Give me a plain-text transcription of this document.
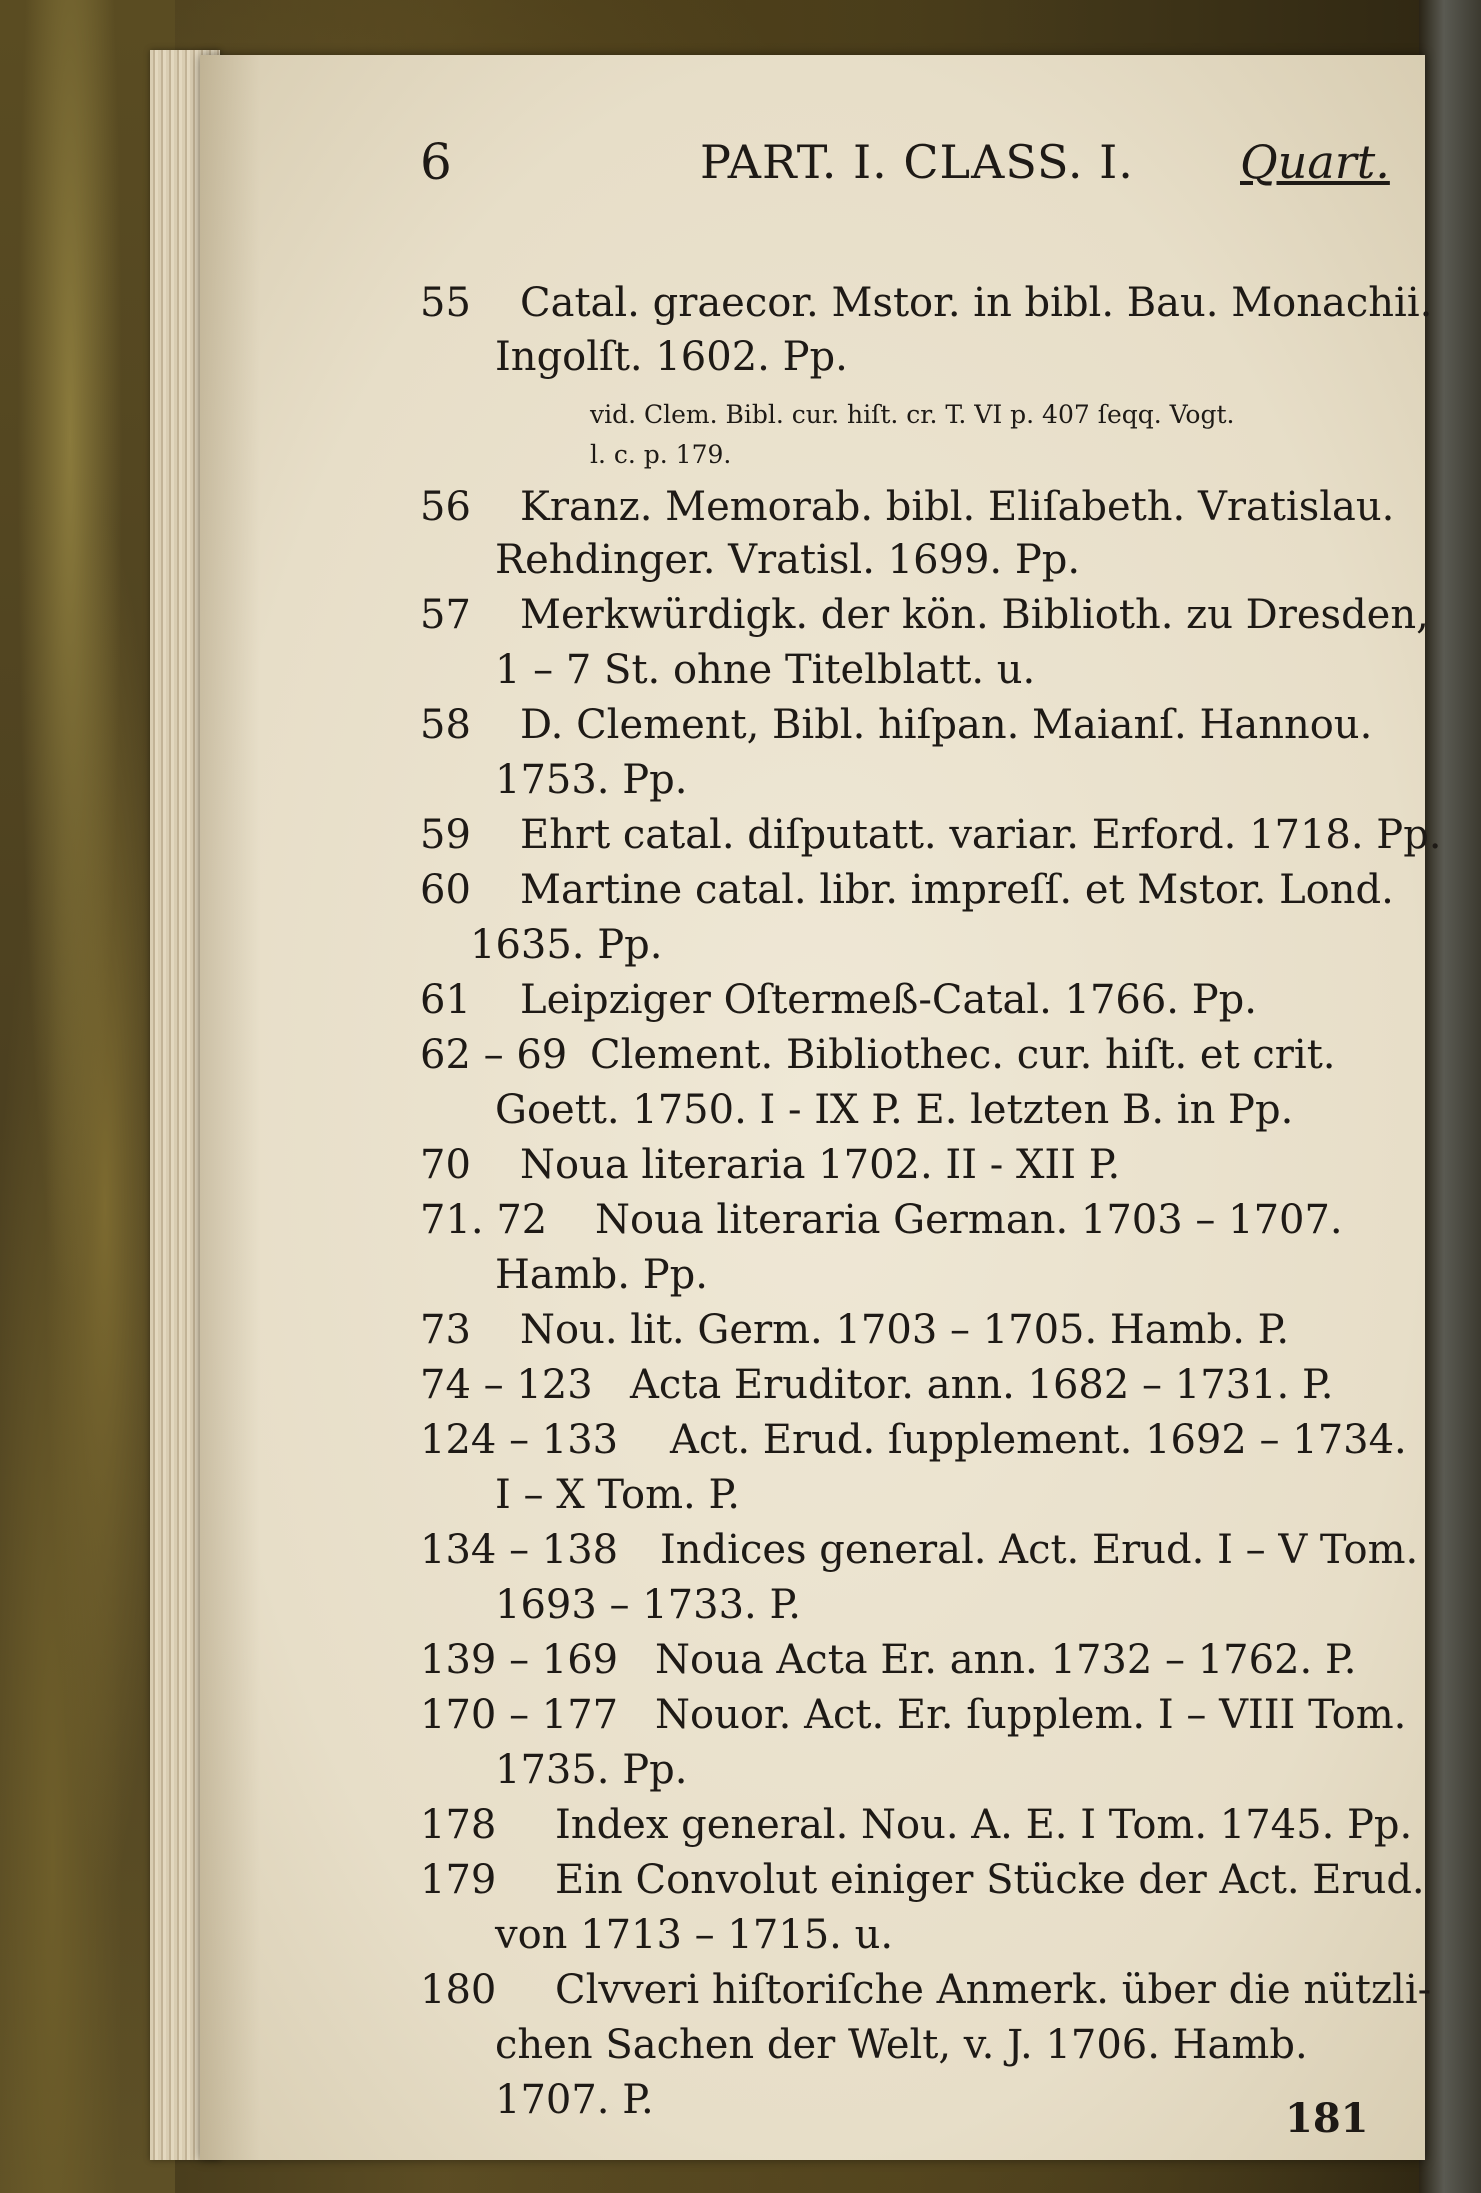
6	PART. I. CLASS. I. Quart.
55 Catal. graecor. Mstor. in bibl. Bau. Monachii.
Ingolſt. 1602. Pp.
vid. Clem. Bibl. cur. hiſt. cr. T. VI p. 407 ſeqq. Vogt.
l. c. p. 179.
56 Kranz. Memorab. bibl. Eliſabeth. Vratislau.
Rehdinger. Vratisl. 1699. Pp.
57 Merkwürdigk. der kön. Biblioth. zu Dresden,
1 – 7 St. ohne Titelblatt. u.
58 D. Clement, Bibl. hiſpan. Maianſ. Hannou.
1753. Pp.
59 Ehrt catal. diſputatt. variar. Erford. 1718. Pp.
60 Martine catal. libr. impreſſ. et Mstor. Lond.
1635. Pp.
61 Leipziger Oſtermeß-Catal. 1766. Pp.
62 – 69 Clement. Bibliothec. cur. hiſt. et crit.
Goett. 1750. I - IX P. E. letzten B. in Pp.
70 Noua literaria 1702. II - XII P.
71. 72 Noua literaria German. 1703 – 1707.
Hamb. Pp.
73 Nou. lit. Germ. 1703 – 1705. Hamb. P.
74 – 123 Acta Eruditor. ann. 1682 – 1731. P.
124 – 133 Act. Erud. ſupplement. 1692 – 1734.
I – X Tom. P.
134 – 138 Indices general. Act. Erud. I – V Tom.
1693 – 1733. P.
139 – 169 Noua Acta Er. ann. 1732 – 1762. P.
170 – 177 Nouor. Act. Er. ſupplem. I – VIII Tom.
1735. Pp.
178 Index general. Nou. A. E. I Tom. 1745. Pp.
179 Ein Convolut einiger Stücke der Act. Erud.
von 1713 – 1715. u.
180 Clvveri hiſtoriſche Anmerk. über die nützli-
chen Sachen der Welt, v. J. 1706. Hamb.
1707. P.	181
